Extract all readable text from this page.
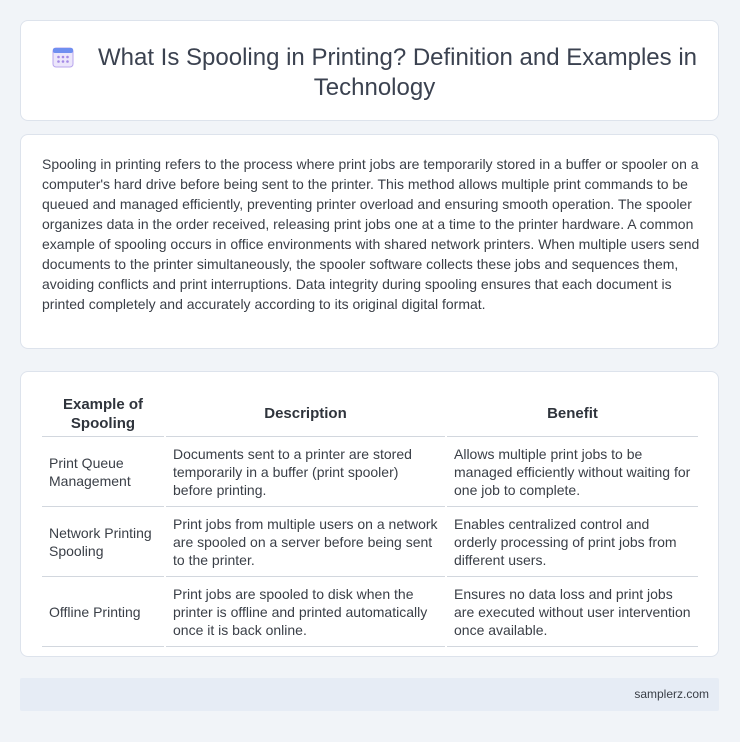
What Is Spooling in Printing? Definition and Examples in Technology

Spooling in printing refers to the process where print jobs are temporarily stored in a buffer or spooler on a computer's hard drive before being sent to the printer. This method allows multiple print commands to be queued and managed efficiently, preventing printer overload and ensuring smooth operation. The spooler organizes data in the order received, releasing print jobs one at a time to the printer hardware. A common example of spooling occurs in office environments with shared network printers. When multiple users send documents to the printer simultaneously, the spooler software collects these jobs and sequences them, avoiding conflicts and print interruptions. Data integrity during spooling ensures that each document is printed completely and accurately according to its original digital format.

Example of Spooling	Description	Benefit
Print Queue Management	Documents sent to a printer are stored temporarily in a buffer (print spooler) before printing.	Allows multiple print jobs to be managed efficiently without waiting for one job to complete.
Network Printing Spooling	Print jobs from multiple users on a network are spooled on a server before being sent to the printer.	Enables centralized control and orderly processing of print jobs from different users.
Offline Printing	Print jobs are spooled to disk when the printer is offline and printed automatically once it is back online.	Ensures no data loss and print jobs are executed without user intervention once available.
samplerz.com
